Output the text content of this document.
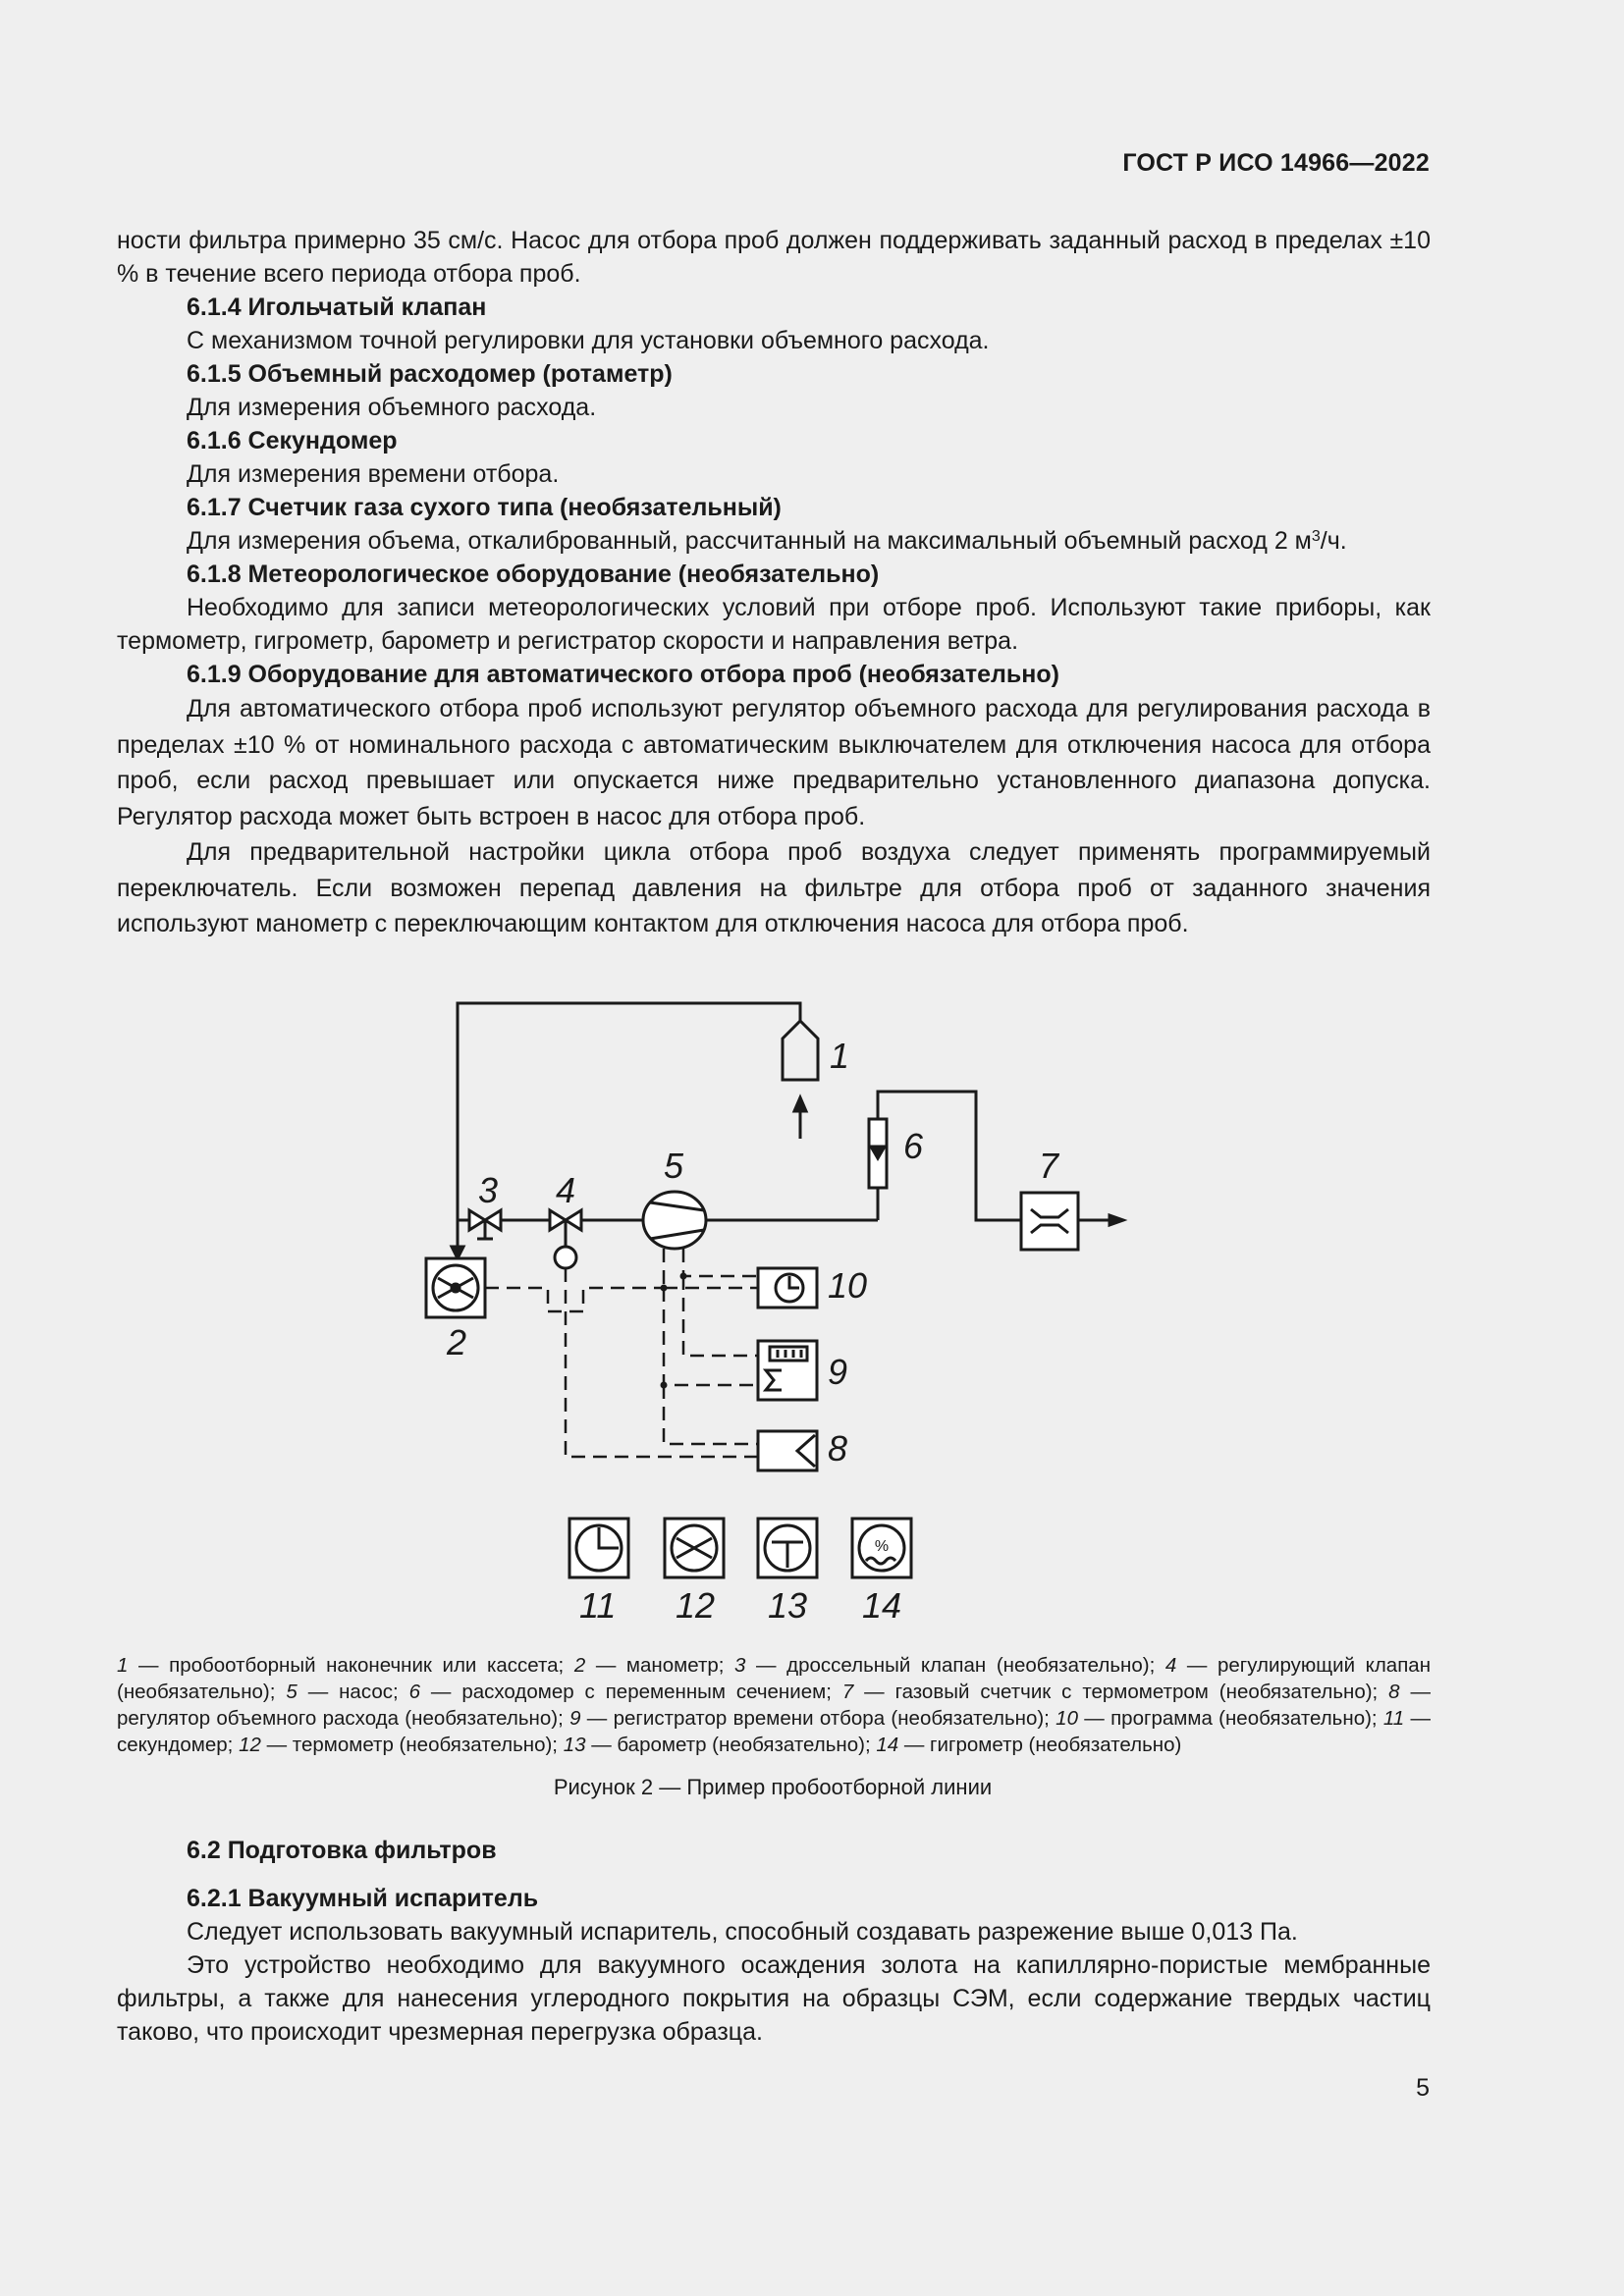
ГОСТ Р ИСО 14966—2022

ности фильтра примерно 35 см/с. Насос для отбора проб должен поддерживать заданный расход в пределах ±10 % в течение всего периода отбора проб.

6.1.4 Игольчатый клапан

С механизмом точной регулировки для установки объемного расхода.

6.1.5 Объемный расходомер (ротаметр)

Для измерения объемного расхода.

6.1.6 Секундомер

Для измерения времени отбора.

6.1.7 Счетчик газа сухого типа (необязательный)

Для измерения объема, откалиброванный, рассчитанный на максимальный объемный расход 2 $м^3/ч$.

6.1.8 Метеорологическое оборудование (необязательно)

Необходимо для записи метеорологических условий при отборе проб. Используют такие приборы, как термометр, гигрометр, барометр и регистратор скорости и направления ветра.

6.1.9 Оборудование для автоматического отбора проб (необязательно)

Для автоматического отбора проб используют регулятор объемного расхода для регулирования расхода в пределах ±10 % от номинального расхода с автоматическим выключателем для отключения насоса для отбора проб, если расход превышает или опускается ниже предварительно установленного диапазона допуска. Регулятор расхода может быть встроен в насос для отбора проб.

Для предварительной настройки цикла отбора проб воздуха следует применять программируемый переключатель. Если возможен перепад давления на фильтре для отбора проб от заданного значения используют манометр с переключающим контактом для отключения насоса для отбора проб.

%
1
2
3 4
5	6	7
8
9
10
11 12 13 14
1 — пробоотборный наконечник или кассета; 2 — манометр; 3 — дроссельный клапан (необязательно); 4 — регулирующий клапан (необязательно); 5 — насос; 6 — расходомер с переменным сечением; 7 — газовый счетчик с термометром (необязательно); 8 — регулятор объемного расхода (необязательно); 9 — регистратор времени отбора (необязательно); 10 — программа (необязательно); 11 — секундомер; 12 — термометр (необязательно); 13 — барометр (необязательно); 14 — гигрометр (необязательно)
Рисунок 2 — Пример пробоотборной линии

6.2 Подготовка фильтров

6.2.1 Вакуумный испаритель

Следует использовать вакуумный испаритель, способный создавать разрежение выше 0,013 Па.

Это устройство необходимо для вакуумного осаждения золота на капиллярно-пористые мембранные фильтры, а также для нанесения углеродного покрытия на образцы СЭМ, если содержание твердых частиц таково, что происходит чрезмерная перегрузка образца.

5
